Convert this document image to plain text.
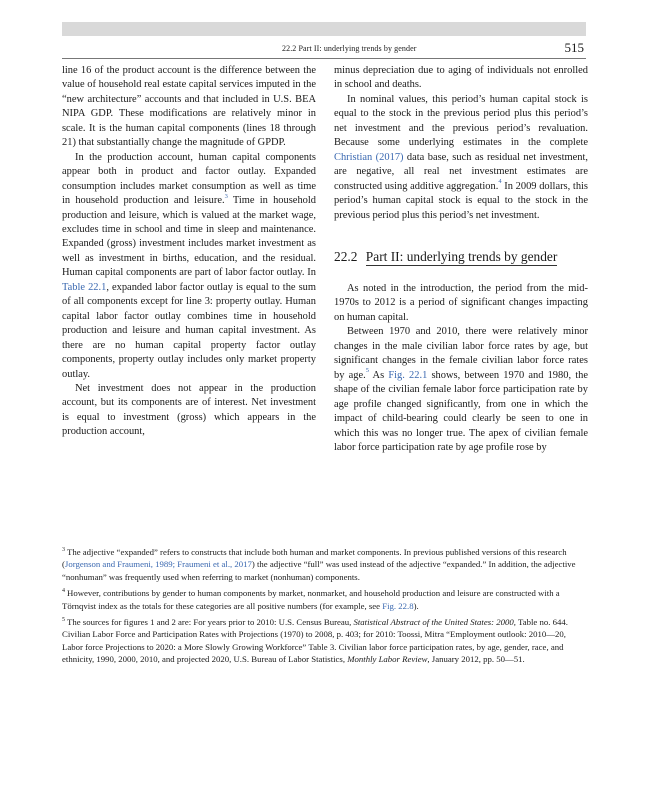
22.2 Part II: underlying trends by gender	515

line 16 of the product account is the difference between the value of household real estate capital services imputed in the “new architecture” accounts and that included in U.S. BEA NIPA GDP. These modifications are relatively minor in scale. It is the human capital components (lines 18 through 21) that substantially change the magnitude of GPDP.

In the production account, human capital components appear both in product and factor outlay. Expanded consumption includes market consumption as well as time in household production and leisure.$^3$ Time in household production and leisure, which is valued at the market wage, excludes time in school and time in sleep and maintenance. Expanded (gross) investment includes market investment as well as investment in births, education, and the residual. Human capital components are part of labor factor outlay. In Table 22.1, expanded labor factor outlay is equal to the sum of all components except for line 3: property outlay. Human capital labor factor outlay combines time in household production and leisure and human capital investment. As there are no human capital property factor outlay components, property outlay includes only market property outlay.

Net investment does not appear in the production account, but its components are of interest. Net investment is equal to investment (gross) which appears in the production account,

minus depreciation due to aging of individuals not enrolled in school and deaths.

In nominal values, this period’s human capital stock is equal to the stock in the previous period plus this period’s net investment and the previous period’s revaluation. Because some underlying estimates in the complete Christian (2017) data base, such as residual net investment, are negative, all real net investment estimates are constructed using additive aggregation.$^4$ In 2009 dollars, this period’s human capital stock is equal to the stock in the previous period plus this period’s net investment.

22.2 Part II: underlying trends by gender

As noted in the introduction, the period from the mid-1970s to 2012 is a period of significant changes impacting on human capital.

Between 1970 and 2010, there were relatively minor changes in the male civilian labor force rates by age, but significant changes in the female civilian labor force rates by age.$^5$ As Fig. 22.1 shows, between 1970 and 1980, the shape of the civilian female labor force participation rate by age profile changed significantly, from one in which the impact of child-bearing could clearly be seen to one in which this was no longer true. The apex of civilian female labor force participation rate by age profile rose by

$^3$ The adjective “expanded” refers to constructs that include both human and market components. In previous published versions of this research (Jorgenson and Fraumeni, 1989; Fraumeni et al., 2017) the adjective “full” was used instead of the adjective “expanded.” In addition, the adjective “nonhuman” was frequently used when referring to market (nonhuman) components.

$^4$ However, contributions by gender to human components by market, nonmarket, and household production and leisure are constructed with a Törnqvist index as the totals for these categories are all positive numbers (for example, see Fig. 22.8).

$^5$ The sources for figures 1 and 2 are: For years prior to 2010: U.S. Census Bureau, Statistical Abstract of the United States: 2000, Table no. 644. Civilian Labor Force and Participation Rates with Projections (1970) to 2008, p. 403; for 2010: Toossi, Mitra “Employment outlook: 2010—20, Labor force Projections to 2020: a More Slowly Growing Workforce” Table 3. Civilian labor force participation rates, by age, gender, race, and ethnicity, 1990, 2000, 2010, and projected 2020, U.S. Bureau of Labor Statistics, Monthly Labor Review, January 2012, pp. 50—51.
